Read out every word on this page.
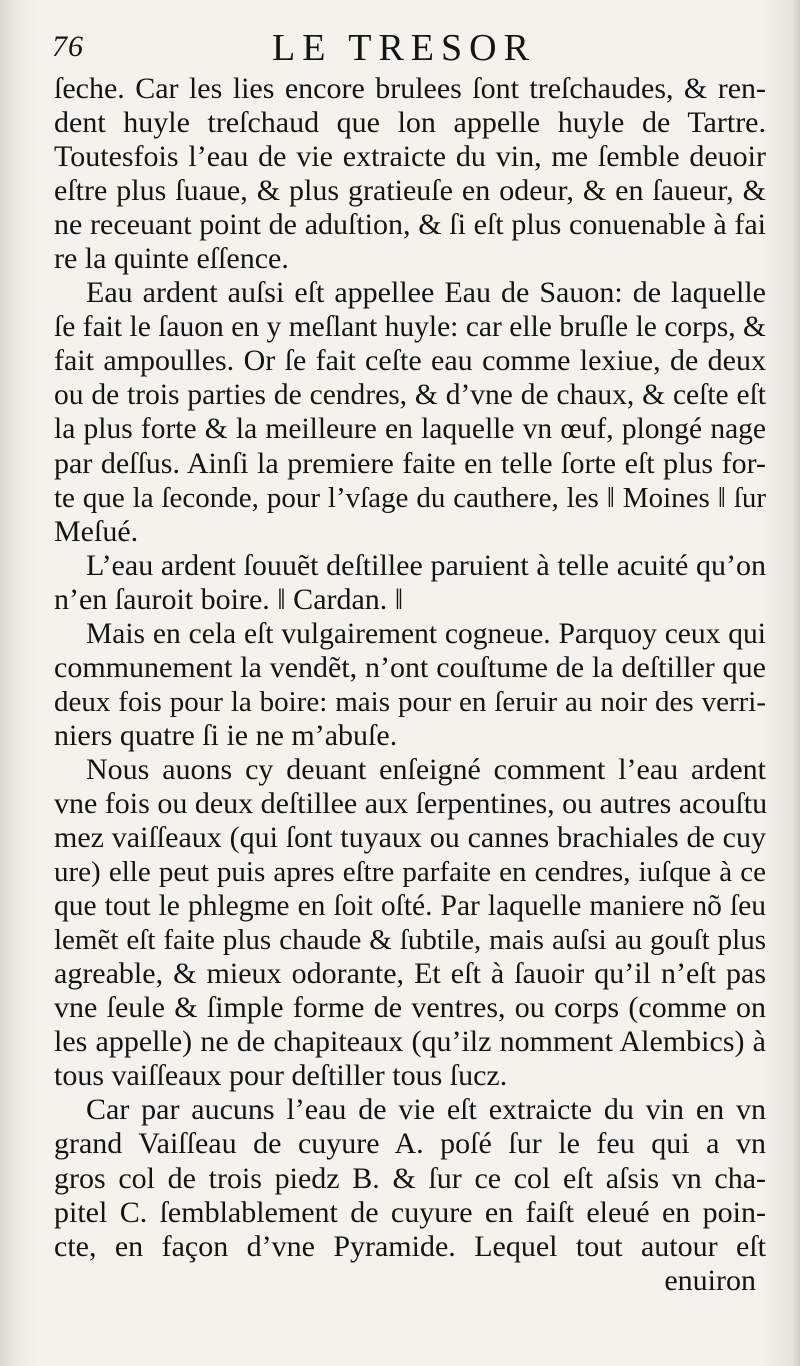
76	LE TRESOR
ſeche. Car les lies encore brulees ſont treſchaudes, & ren-
dent huyle treſchaud que lon appelle huyle de Tartre.
Toutesfois l’eau de vie extraicte du vin, me ſemble deuoir
eſtre plus ſuaue, & plus gratieuſe en odeur, & en ſaueur, &
ne receuant point de aduſtion, & ſi eſt plus conuenable à fai
re la quinte eſſence.
Eau ardent auſsi eſt appellee Eau de Sauon: de laquelle
ſe fait le ſauon en y meſlant huyle: car elle bruſle le corps, &
fait ampoulles. Or ſe fait ceſte eau comme lexiue, de deux
ou de trois parties de cendres, & d’vne de chaux, & ceſte eſt
la plus forte & la meilleure en laquelle vn œuf, plongé nage
par deſſus. Ainſi la premiere faite en telle ſorte eſt plus for-
te que la ſeconde, pour l’vſage du cauthere, les ‖ Moines ‖ ſur
Meſué.
L’eau ardent ſouuẽt deſtillee paruient à telle acuité qu’on
n’en ſauroit boire. ‖ Cardan. ‖
Mais en cela eſt vulgairement cogneue. Parquoy ceux qui
communement la vendẽt, n’ont couſtume de la deſtiller que
deux fois pour la boire: mais pour en ſeruir au noir des verri-
niers quatre ſi ie ne m’abuſe.
Nous auons cy deuant enſeigné comment l’eau ardent
vne fois ou deux deſtillee aux ſerpentines, ou autres acouſtu
mez vaiſſeaux (qui ſont tuyaux ou cannes brachiales de cuy
ure) elle peut puis apres eſtre parfaite en cendres, iuſque à ce
que tout le phlegme en ſoit oſté. Par laquelle maniere nõ ſeu
lemẽt eſt faite plus chaude & ſubtile, mais auſsi au gouſt plus
agreable, & mieux odorante, Et eſt à ſauoir qu’il n’eſt pas
vne ſeule & ſimple forme de ventres, ou corps (comme on
les appelle) ne de chapiteaux (qu’ilz nomment Alembics) à
tous vaiſſeaux pour deſtiller tous ſucz.
Car par aucuns l’eau de vie eſt extraicte du vin en vn
grand Vaiſſeau de cuyure A. poſé ſur le feu qui a vn
gros col de trois piedz B. & ſur ce col eſt aſsis vn cha-
pitel C. ſemblablement de cuyure en faiſt eleué en poin-
cte, en façon d’vne Pyramide. Lequel tout autour eſt
enuiron
